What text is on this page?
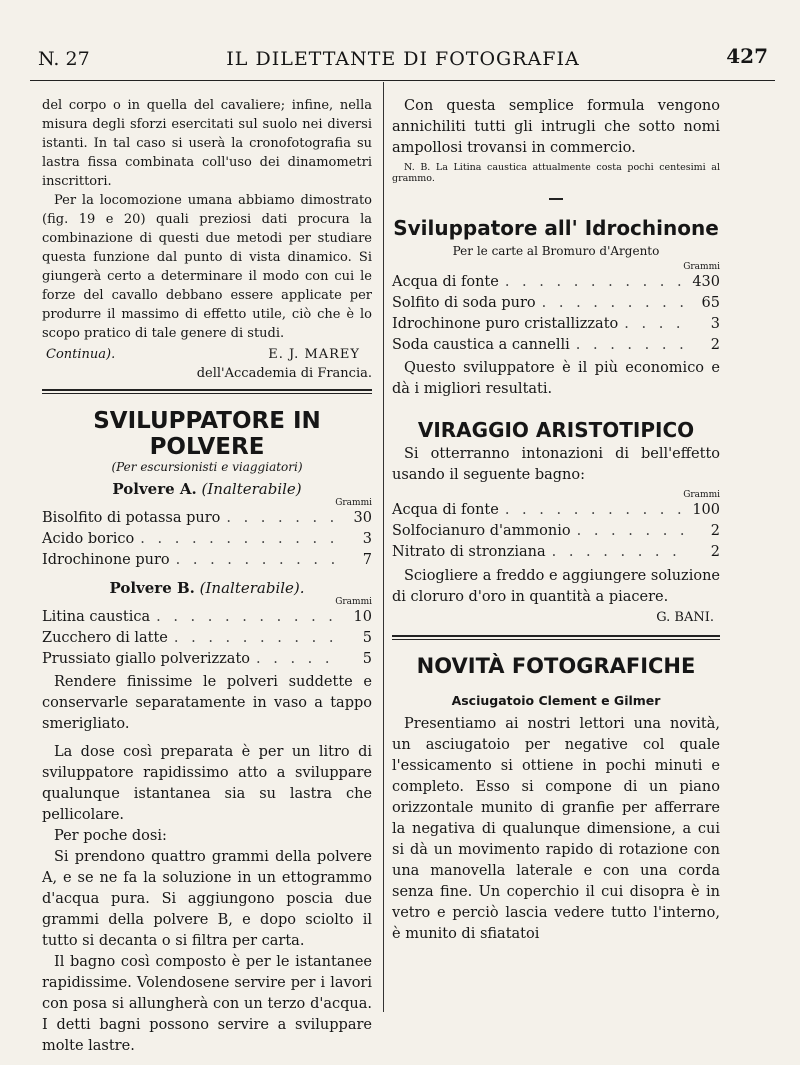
N. 27	IL DILETTANTE DI FOTOGRAFIA	427

del corpo o in quella del cavaliere; infine, nella misura degli sforzi esercitati sul suolo nei diversi istanti. In tal caso si userà la cronofotografia su lastra fissa combinata coll'uso dei dinamometri inscrittori.

Per la locomozione umana abbiamo dimostrato (fig. 19 e 20) quali preziosi dati procura la combinazione di questi due metodi per studiare questa funzione dal punto di vista dinamico. Si giungerà certo a determinare il modo con cui le forze del cavallo debbano essere applicate per produrre il massimo di effetto utile, ciò che è lo scopo pratico di tale genere di studi.

Continua).	E. J. MAREY
dell'Accademia di Francia.
SVILUPPATORE IN POLVERE
(Per escursionisti e viaggiatori)
Polvere A. (Inalterabile)
Grammi
Bisolfito di potassa puro . . .	30
Acido borico . . .	3
Idrochinone puro . . .	7
Polvere B. (Inalterabile).
Grammi
Litina caustica . . .	10
Zucchero di latte . . .	5
Prussiato giallo polverizzato . . .	5

Rendere finissime le polveri suddette e conservarle separatamente in vaso a tappo smerigliato.

La dose così preparata è per un litro di sviluppatore rapidissimo atto a sviluppare qualunque istantanea sia su lastra che pellicolare.

Per poche dosi:

Si prendono quattro grammi della polvere A, e se ne fa la soluzione in un ettogrammo d'acqua pura. Si aggiungono poscia due grammi della polvere B, e dopo sciolto il tutto si decanta o si filtra per carta.

Il bagno così composto è per le istantanee rapidissime. Volendosene servire per i lavori con posa si allungherà con un terzo d'acqua. I detti bagni possono servire a sviluppare molte lastre.

Con questa semplice formula vengono annichiliti tutti gli intrugli che sotto nomi ampollosi trovansi in commercio.

N. B. La Litina caustica attualmente costa pochi centesimi al grammo.

Sviluppatore all' Idrochinone
Per le carte al Bromuro d'Argento
Grammi
Acqua di fonte . . .	430
Solfito di soda puro . . .	65
Idrochinone puro cristallizzato . . .	3
Soda caustica a cannelli . . .	2

Questo sviluppatore è il più economico e dà i migliori resultati.

VIRAGGIO ARISTOTIPICO

Si otterranno intonazioni di bell'effetto usando il seguente bagno:

Grammi
Acqua di fonte . . .	100
Solfocianuro d'ammonio . . .	2
Nitrato di stronziana . . .	2

Sciogliere a freddo e aggiungere soluzione di cloruro d'oro in quantità a piacere.

G. BANI.
NOVITÀ FOTOGRAFICHE
Asciugatoio Clement e Gilmer

Presentiamo ai nostri lettori una novità, un asciugatoio per negative col quale l'essicamento si ottiene in pochi minuti e completo. Esso si compone di un piano orizzontale munito di granfie per afferrare la negativa di qualunque dimensione, a cui si dà un movimento rapido di rotazione con una manovella laterale e con una corda senza fine. Un coperchio il cui disopra è in vetro e perciò lascia vedere tutto l'interno, è munito di sfiatatoi
